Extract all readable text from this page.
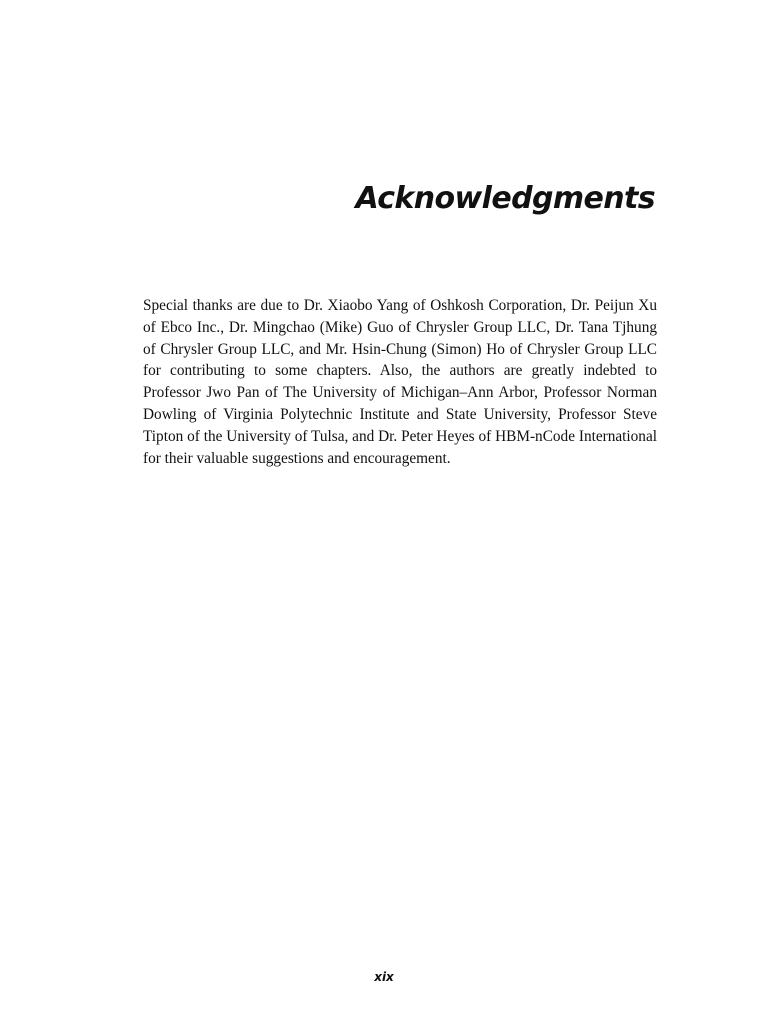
Acknowledgments

Special thanks are due to Dr. Xiaobo Yang of Oshkosh Corporation, Dr. Peijun Xu of Ebco Inc., Dr. Mingchao (Mike) Guo of Chrysler Group LLC, Dr. Tana Tjhung of Chrysler Group LLC, and Mr. Hsin-Chung (Simon) Ho of Chrysler Group LLC for contributing to some chapters. Also, the authors are greatly indebted to Professor Jwo Pan of The University of Michigan–Ann Arbor, Professor Norman Dowling of Virginia Polytechnic Institute and State University, Professor Steve Tipton of the University of Tulsa, and Dr. Peter Heyes of HBM-nCode International for their valuable suggestions and encouragement.

xix
